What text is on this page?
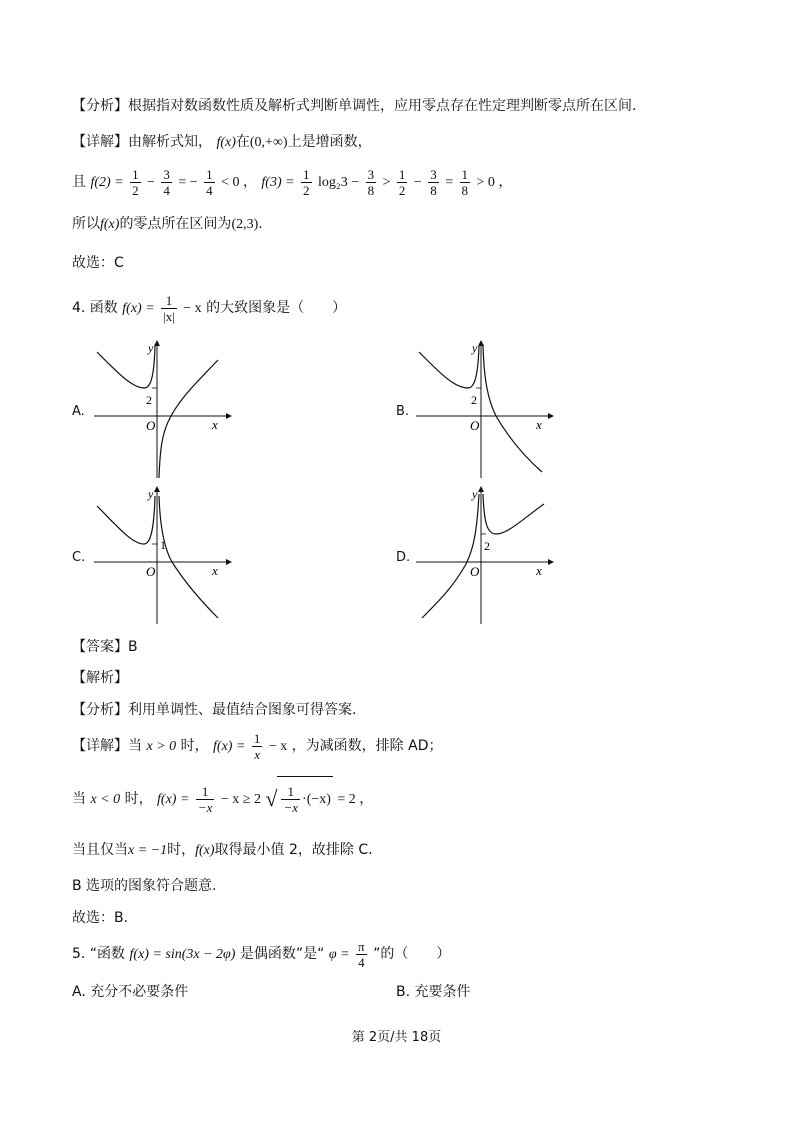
【分析】根据指对数函数性质及解析式判断单调性，应用零点存在性定理判断零点所在区间.
【详解】由解析式知， f(x)在(0,+∞)上是增函数，
且 $f(2) = \frac{1}{2} - \frac{3}{4}$ = − $\frac{1}{4} < 0$ ， $f(3) = \frac{1}{2} \log_23 - \frac{3}{8} > \frac{1}{2} - \frac{3}{8} = \frac{1}{8} > 0$ ，
所以f(x)的零点所在区间为(2,3).
故选：C
4. 函数 $f(x) = \frac{1}{|x|} - x$ 的大致图象是（　　）
A.
2
O	x
y
B.
2
O	x
y
C.
1
O	x
y
D.
2
O	x
y
【答案】B
【解析】
【分析】利用单调性、最值结合图象可得答案.
【详解】当 x > 0 时， $f(x) = \frac{1}{x} - x$ ，为减函数，排除 AD；
当 x < 0 时， $f(x) = \frac{1}{-x} - x \ge 2$ √ $\frac{1}{-x} \cdot(-x) = 2$ ，
当且仅当x = −1时，f(x)取得最小值 2，故排除 C.
B 选项的图象符合题意.
故选：B.
5. “函数 f(x) = sin(3x − 2φ) 是偶函数”是“ $\varphi = \frac{\pi}{4}$ ”的（　　）
A. 充分不必要条件	B. 充要条件
第 2页/共 18页
